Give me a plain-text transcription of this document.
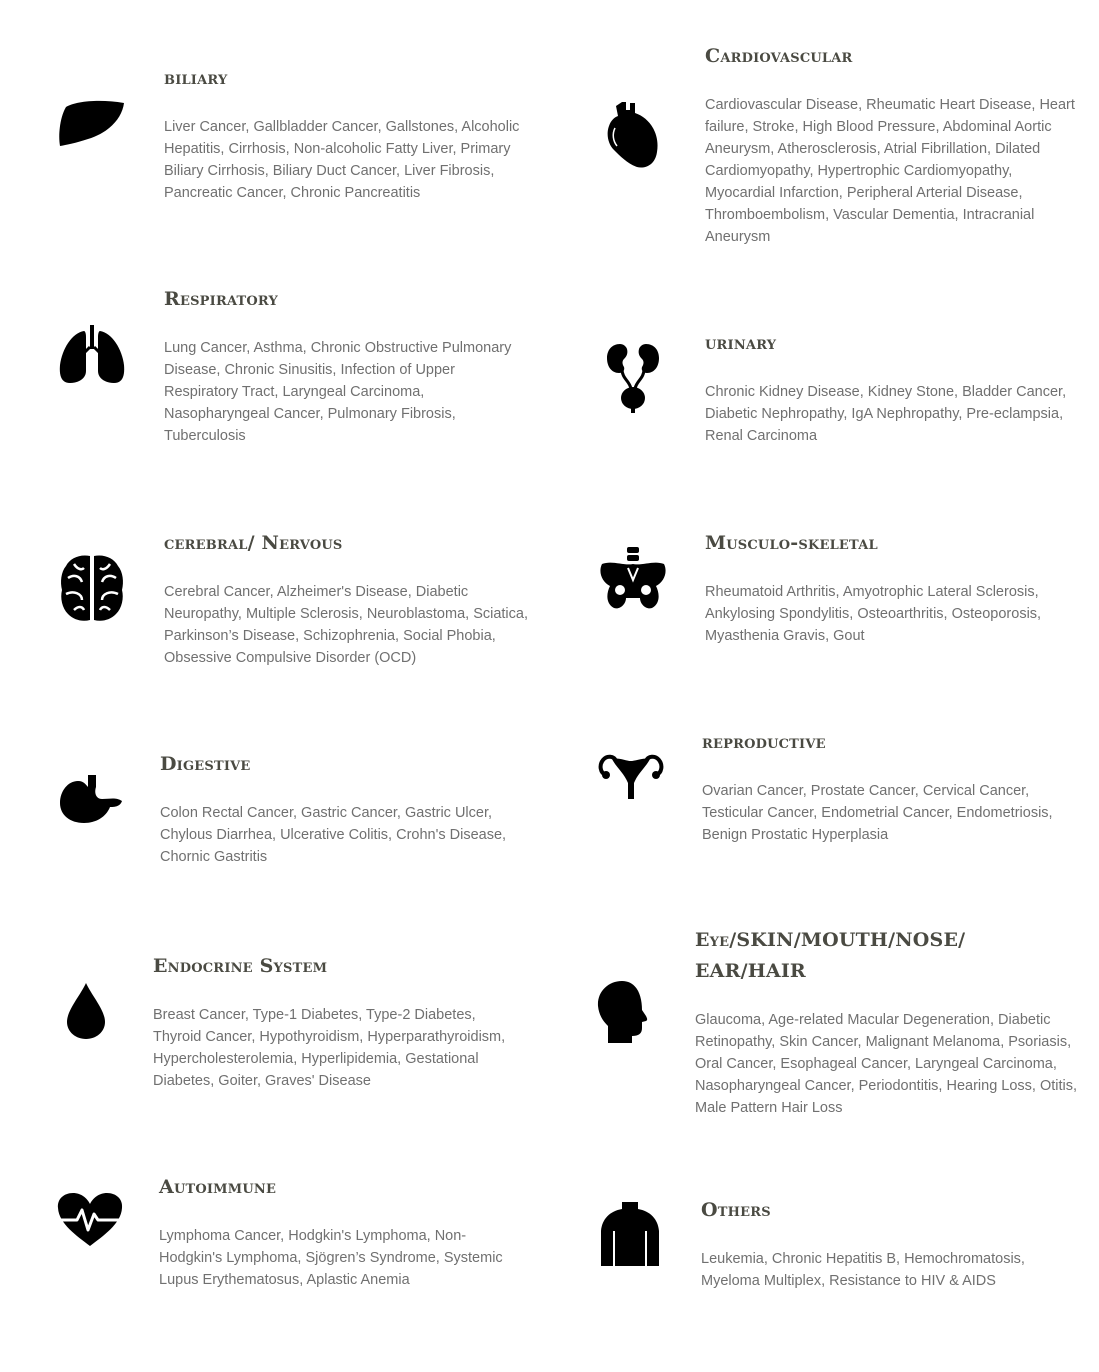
biliary

Liver Cancer, Gallbladder Cancer, Gallstones, Alcoholic Hepatitis, Cirrhosis, Non-alcoholic Fatty Liver, Primary Biliary Cirrhosis, Biliary Duct Cancer, Liver Fibrosis, Pancreatic Cancer, Chronic Pancreatitis

Cardiovascular

Cardiovascular Disease, Rheumatic Heart Disease, Heart failure, Stroke, High Blood Pressure, Abdominal Aortic Aneurysm, Atherosclerosis, Atrial Fibrillation, Dilated Cardiomyopathy, Hypertrophic Cardiomyopathy, Myocardial Infarction, Peripheral Arterial Disease, Thromboembolism, Vascular Dementia, Intracranial Aneurysm

Respiratory

Lung Cancer, Asthma, Chronic Obstructive Pulmonary Disease, Chronic Sinusitis, Infection of Upper Respiratory Tract, Laryngeal Carcinoma, Nasopharyngeal Cancer, Pulmonary Fibrosis, Tuberculosis

urinary

Chronic Kidney Disease, Kidney Stone, Bladder Cancer, Diabetic Nephropathy, IgA Nephropathy, Pre-eclampsia, Renal Carcinoma

cerebral/ Nervous

Cerebral Cancer, Alzheimer's Disease, Diabetic Neuropathy, Multiple Sclerosis, Neuroblastoma, Sciatica, Parkinson’s Disease, Schizophrenia, Social Phobia, Obsessive Compulsive Disorder (OCD)

Musculo-skeletal

Rheumatoid Arthritis, Amyotrophic Lateral Sclerosis, Ankylosing Spondylitis, Osteoarthritis, Osteoporosis, Myasthenia Gravis, Gout

Digestive

Colon Rectal Cancer, Gastric Cancer, Gastric Ulcer, Chylous Diarrhea, Ulcerative Colitis, Crohn's Disease, Chornic Gastritis

reproductive

Ovarian Cancer, Prostate Cancer, Cervical Cancer, Testicular Cancer, Endometrial Cancer, Endometriosis, Benign Prostatic Hyperplasia

Endocrine System

Breast Cancer, Type-1 Diabetes, Type-2 Diabetes, Thyroid Cancer, Hypothyroidism, Hyperparathyroidism, Hypercholesterolemia, Hyperlipidemia, Gestational Diabetes, Goiter, Graves' Disease

Eye/SKIN/MOUTH/NOSE/ EAR/HAIR

Glaucoma, Age-related Macular Degeneration, Diabetic Retinopathy, Skin Cancer, Malignant Melanoma, Psoriasis, Oral Cancer, Esophageal Cancer, Laryngeal Carcinoma, Nasopharyngeal Cancer, Periodontitis, Hearing Loss, Otitis, Male Pattern Hair Loss

Autoimmune

Lymphoma Cancer, Hodgkin's Lymphoma, Non-Hodgkin's Lymphoma, Sjögren’s Syndrome, Systemic Lupus Erythematosus, Aplastic Anemia

Others

Leukemia, Chronic Hepatitis B, Hemochromatosis, Myeloma Multiplex, Resistance to HIV & AIDS
